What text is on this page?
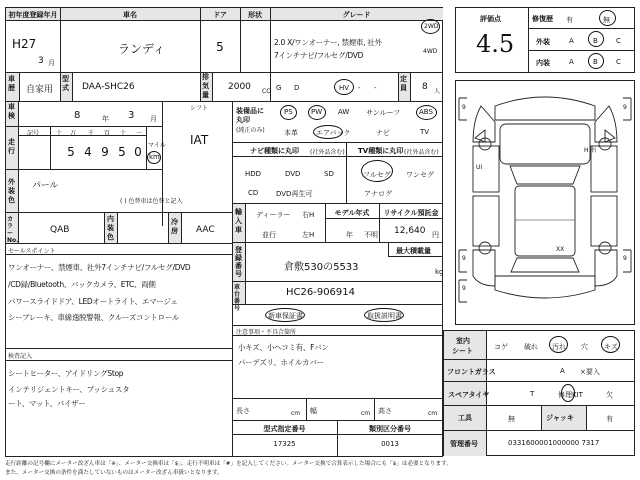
初年度登録年月	車名	ドア	形状	グレード
H27
3 月
ランディ	5	2.0 X/ワンオーナー, 禁煙車, 社外
7インチナビ/フルセグ/DVD
2WD
4WD
車歴	自家用
型式 DAA-SHC26
排気量
2000 CC G D	HV - -
定員 8 人
車検	8	年 3 月
シフト
IAT
走行
記号	十	万	千	百	十	一
5 4 9 5 0	マイル
km
外装色
パール
( ) 色替車は色替と記入
カラーNo.
QAB
内装色
冷房 AAC
セールスポイント
ワンオーナー、禁煙車、社外7インチナビ/フルセグ/DVD
/CD録/Bluetooth、バックカメラ、ETC、両側
パワースライドドア、LEDオートライト、エマージェ
シーブレーキ、車線逸脱警報、クルーズコントロール
検査記入
シートヒーター、アイドリングStop
インテリジェントキー、プッシュスタ
ート、マット、バイザー
装備品に
丸印
(純正のみ)
PS	PW AW サンルーフ	ABS
本革	エアバック	ナビ	TV
ナビ種類に丸印 (社外品含む)
HDD	DVD	SD
CD	DVD再生可
TV種類に丸印 (社外品含む)
フルセグ ワンセグ
アナログ
輸入車
ディーラー 右H
並行	左H
モデル年式
年 不明
リサイクル預託金
12,640 円
登録番号
倉敷530の5533
最大積載量
kg
車台番号
HC26-906914
新車保証書	取扱説明書
注意事項・不具合箇所
小キズ、小ヘコミ有、Fバン
パーデズリ、ホイルカバー
長さ	cm 幅	cm 高さ	cm
型式指定番号	類別区分番号
17325	0013
評価点
4.5
修復歴 有	無
外装	A	B	C
内装	A	B	C
9	9
9	9
9
UI
H 右
XX
室内
シート	コゲ 破れ 汚れ 穴 キズ
フロントガラス	A ×要入
スペアタイヤ	T	修理KIT	欠
工具	無	ジャッキ	有
管理番号	0331600001000000 7317
走行距離の記号欄にメーター改ざん車は「※」、メーター交換車は「$」、走行不明車は「#」を記入してください。メーター交換で合算表示した場合にも「$」は必要となります。
また、メーター交換の条件を満たしていないものはメーター改ざん車扱いとなります。
